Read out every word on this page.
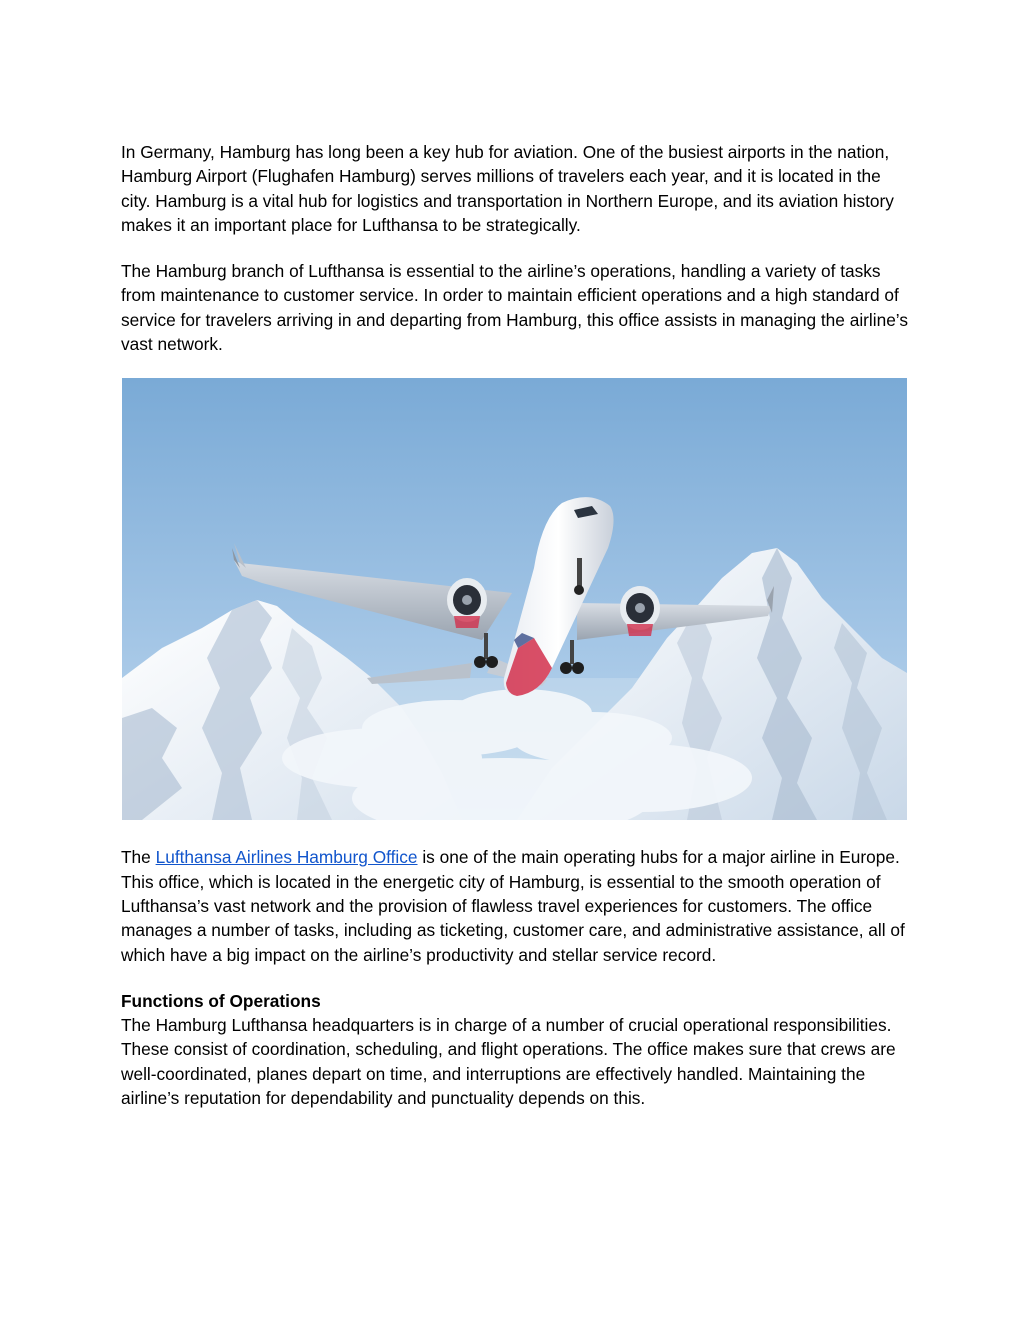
In Germany, Hamburg has long been a key hub for aviation. One of the busiest airports in the nation, Hamburg Airport (Flughafen Hamburg) serves millions of travelers each year, and it is located in the city. Hamburg is a vital hub for logistics and transportation in Northern Europe, and its aviation history makes it an important place for Lufthansa to be strategically.

The Hamburg branch of Lufthansa is essential to the airline’s operations, handling a variety of tasks from maintenance to customer service. In order to maintain efficient operations and a high standard of service for travelers arriving in and departing from Hamburg, this office assists in managing the airline’s vast network.

The Lufthansa Airlines Hamburg Office is one of the main operating hubs for a major airline in Europe. This office, which is located in the energetic city of Hamburg, is essential to the smooth operation of Lufthansa’s vast network and the provision of flawless travel experiences for customers. The office manages a number of tasks, including as ticketing, customer care, and administrative assistance, all of which have a big impact on the airline’s productivity and stellar service record.

Functions of Operations

The Hamburg Lufthansa headquarters is in charge of a number of crucial operational responsibilities. These consist of coordination, scheduling, and flight operations. The office makes sure that crews are well-coordinated, planes depart on time, and interruptions are effectively handled. Maintaining the airline’s reputation for dependability and punctuality depends on this.
